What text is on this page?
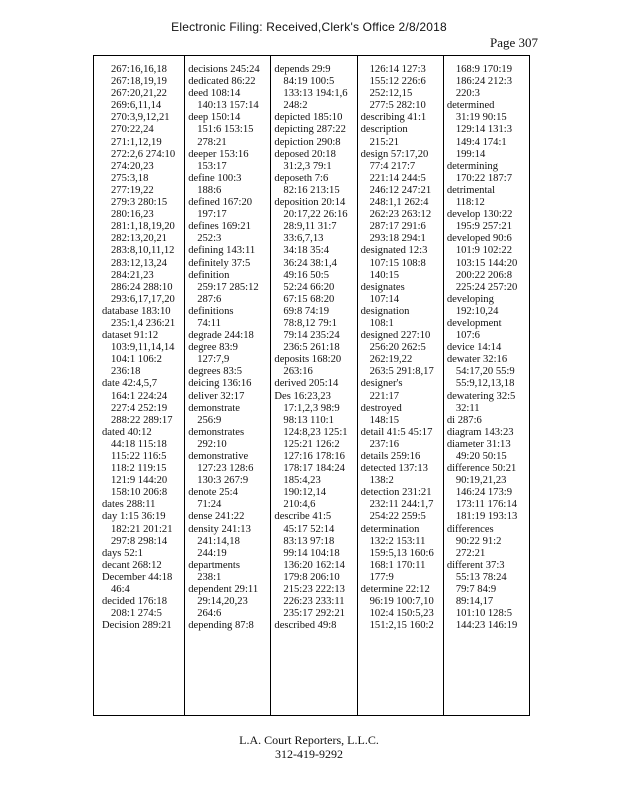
Electronic Filing: Received,Clerk's Office 2/8/2018
Page 307
267:16,16,18
267:18,19,19
267:20,21,22
269:6,11,14
270:3,9,12,21
270:22,24
271:1,12,19
272:2,6 274:10
274:20,23
275:3,18
277:19,22
279:3 280:15
280:16,23
281:1,18,19,20
282:13,20,21
283:8,10,11,12
283:12,13,24
284:21,23
286:24 288:10
293:6,17,17,20
database 183:10
235:1,4 236:21
dataset 91:12
103:9,11,14,14
104:1 106:2
236:18
date 42:4,5,7
164:1 224:24
227:4 252:19
288:22 289:17
dated 40:12
44:18 115:18
115:22 116:5
118:2 119:15
121:9 144:20
158:10 206:8
dates 288:11
day 1:15 36:19
182:21 201:21
297:8 298:14
days 52:1
decant 268:12
December 44:18
46:4
decided 176:18
208:1 274:5
Decision 289:21
decisions 245:24
dedicated 86:22
deed 108:14
140:13 157:14
deep 150:14
151:6 153:15
278:21
deeper 153:16
153:17
define 100:3
188:6
defined 167:20
197:17
defines 169:21
252:3
defining 143:11
definitely 37:5
definition
259:17 285:12
287:6
definitions
74:11
degrade 244:18
degree 83:9
127:7,9
degrees 83:5
deicing 136:16
deliver 32:17
demonstrate
256:9
demonstrates
292:10
demonstrative
127:23 128:6
130:3 267:9
denote 25:4
71:24
dense 241:22
density 241:13
241:14,18
244:19
departments
238:1
dependent 29:11
29:14,20,23
264:6
depending 87:8
depends 29:9
84:19 100:5
133:13 194:1,6
248:2
depicted 185:10
depicting 287:22
depiction 290:8
deposed 20:18
31:2,3 79:1
deposeth 7:6
82:16 213:15
deposition 20:14
20:17,22 26:16
28:9,11 31:7
33:6,7,13
34:18 35:4
36:24 38:1,4
49:16 50:5
52:24 66:20
67:15 68:20
69:8 74:19
78:8,12 79:1
79:14 235:24
236:5 261:18
deposits 168:20
263:16
derived 205:14
Des 16:23,23
17:1,2,3 98:9
98:13 110:1
124:8,23 125:1
125:21 126:2
127:16 178:16
178:17 184:24
185:4,23
190:12,14
210:4,6
describe 41:5
45:17 52:14
83:13 97:18
99:14 104:18
136:20 162:14
179:8 206:10
215:23 222:13
226:23 233:11
235:17 292:21
described 49:8
126:14 127:3
155:12 226:6
252:12,15
277:5 282:10
describing 41:1
description
215:21
design 57:17,20
77:4 217:7
221:14 244:5
246:12 247:21
248:1,1 262:4
262:23 263:12
287:17 291:6
293:18 294:1
designated 12:3
107:15 108:8
140:15
designates
107:14
designation
108:1
designed 227:10
256:20 262:5
262:19,22
263:5 291:8,17
designer's
221:17
destroyed
148:15
detail 41:5 45:17
237:16
details 259:16
detected 137:13
138:2
detection 231:21
232:11 244:1,7
254:22 259:5
determination
132:2 153:11
159:5,13 160:6
168:1 170:11
177:9
determine 22:12
96:19 100:7,10
102:4 150:5,23
151:2,15 160:2
168:9 170:19
186:24 212:3
220:3
determined
31:19 90:15
129:14 131:3
149:4 174:1
199:14
determining
170:22 187:7
detrimental
118:12
develop 130:22
195:9 257:21
developed 90:6
101:9 102:22
103:15 144:20
200:22 206:8
225:24 257:20
developing
192:10,24
development
107:6
device 14:14
dewater 32:16
54:17,20 55:9
55:9,12,13,18
dewatering 32:5
32:11
di 287:6
diagram 143:23
diameter 31:13
49:20 50:15
difference 50:21
90:19,21,23
146:24 173:9
173:11 176:14
181:19 193:13
differences
90:22 91:2
272:21
different 37:3
55:13 78:24
79:7 84:9
89:14,17
101:10 128:5
144:23 146:19
L.A. Court Reporters, L.L.C.
312-419-9292
